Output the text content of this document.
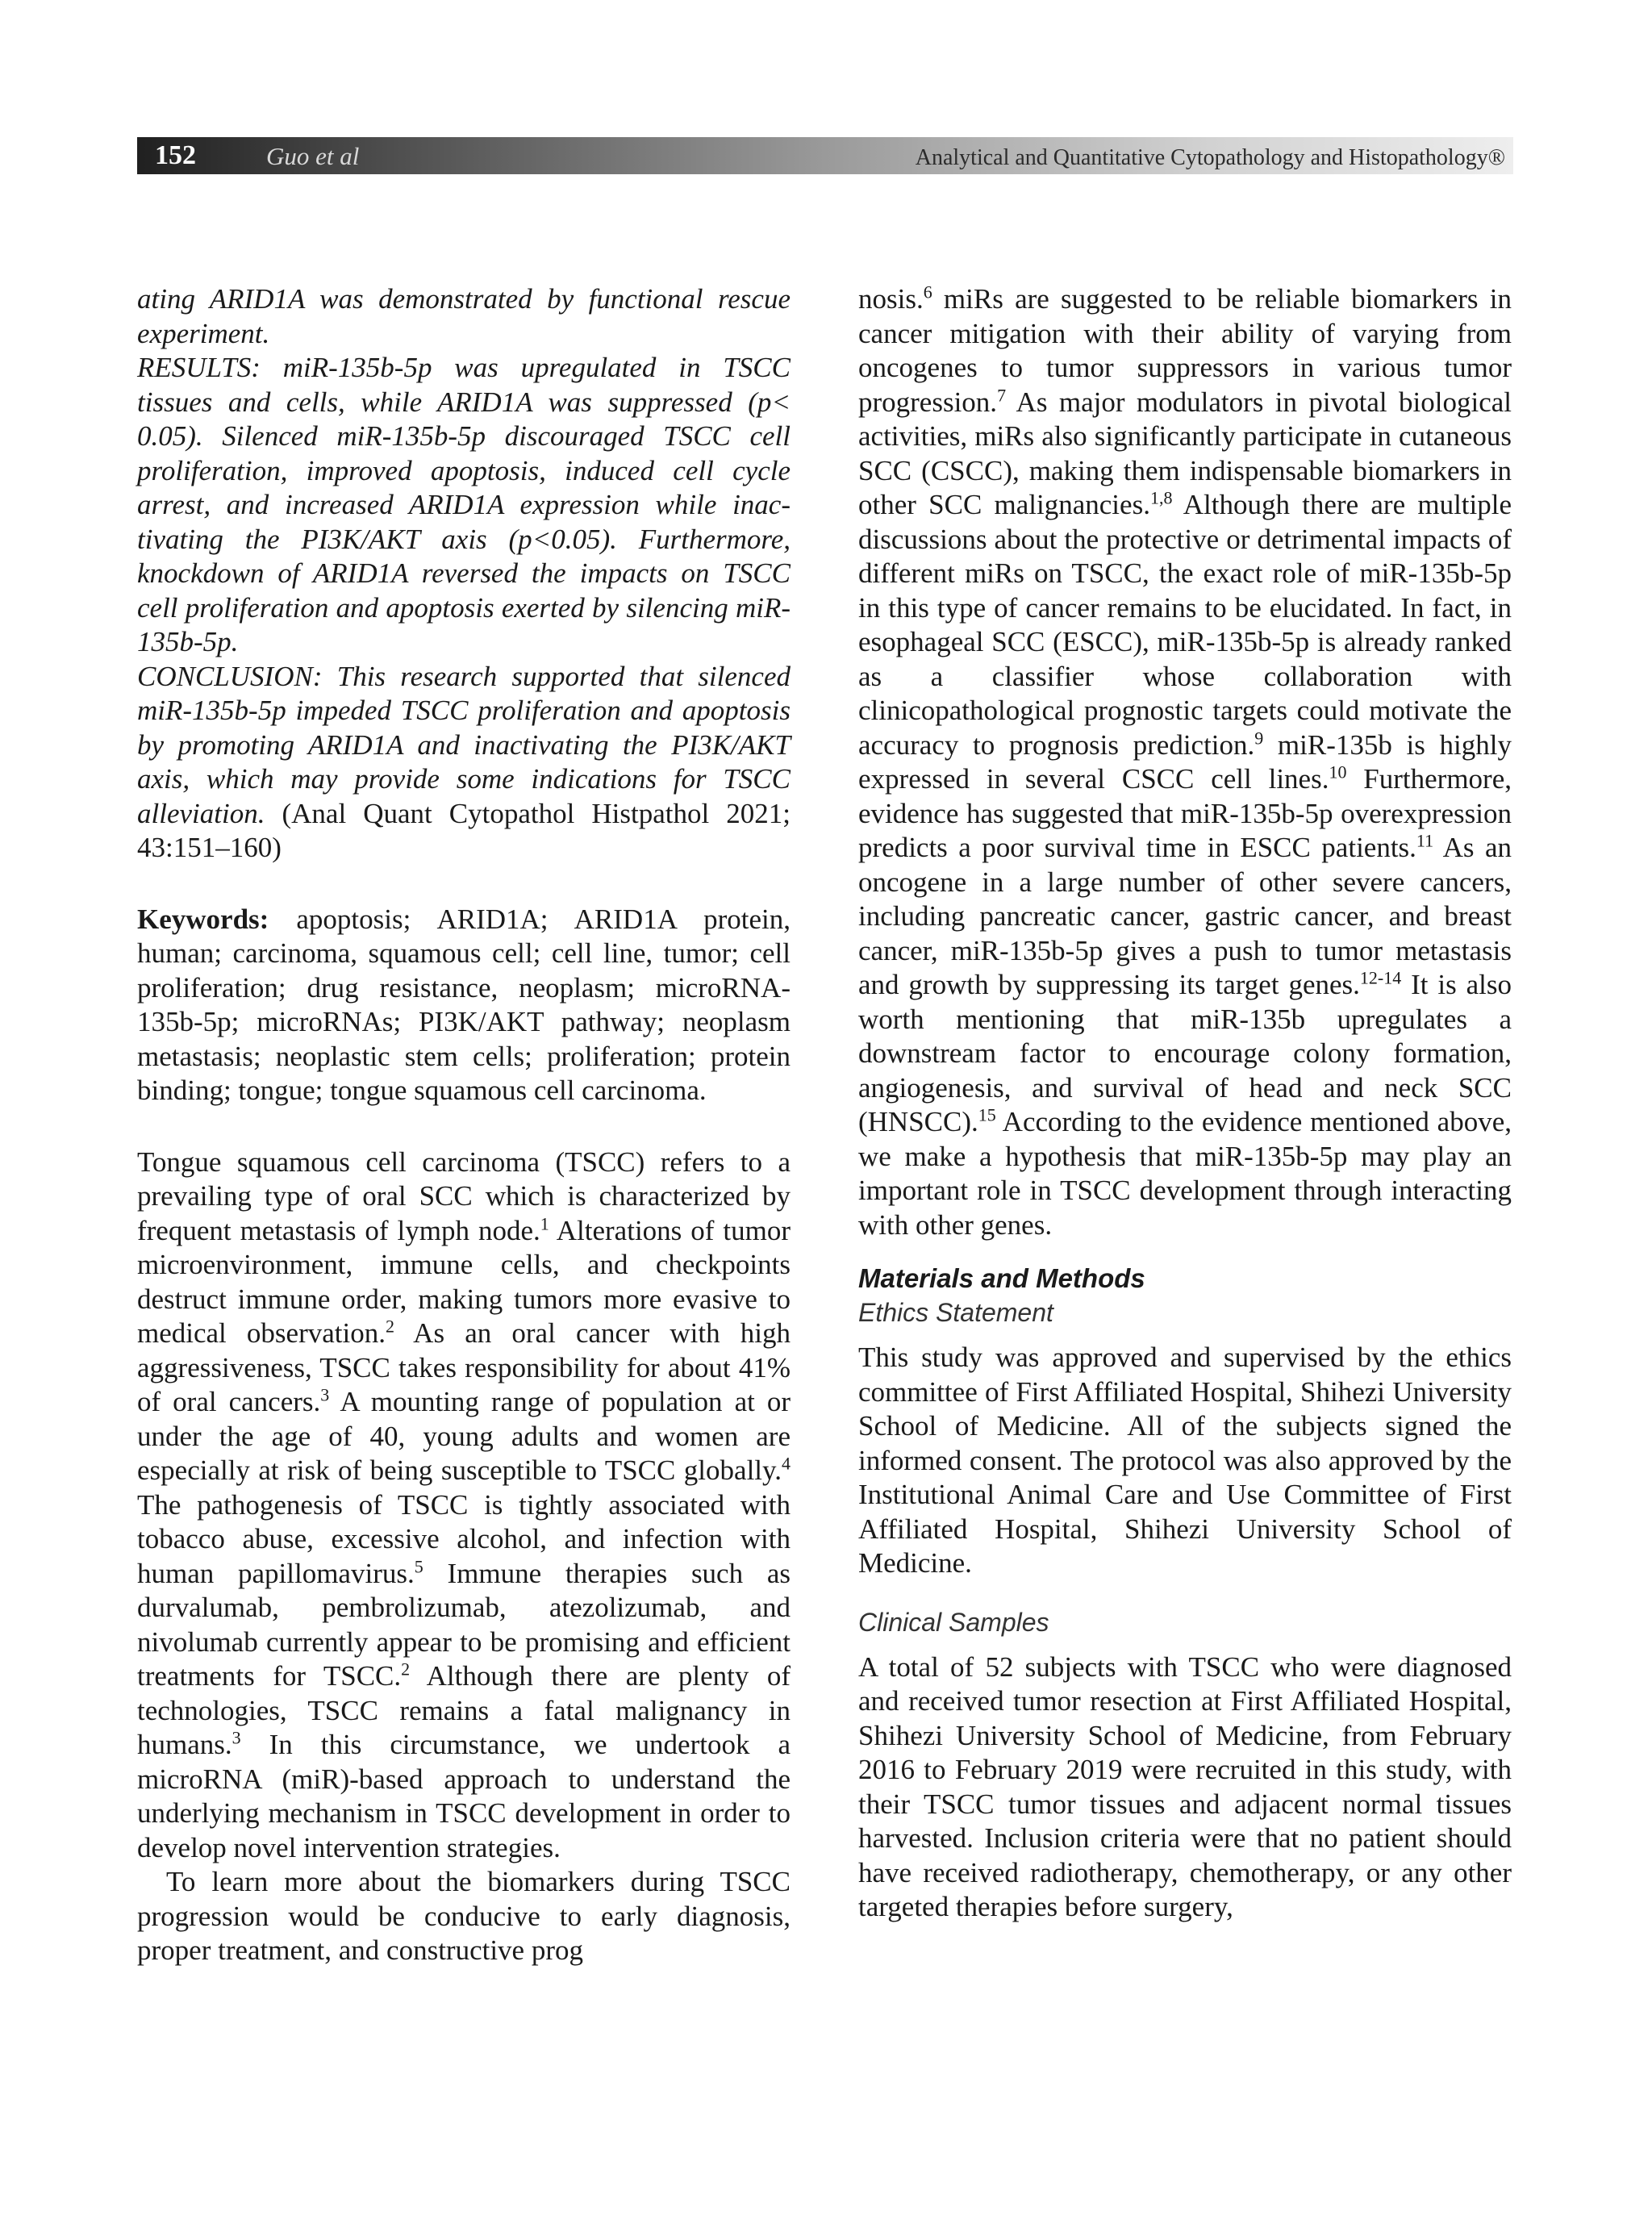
152	Guo et al	Analytical and Quantitative Cytopathology and Histopathology®

ating ARID1A was demonstrated by functional rescue experiment.

RESULTS: miR-135b-5p was upregulated in TSCC tissues and cells, while ARID1A was suppressed (p< 0.05). Silenced miR-135b-5p discouraged TSCC cell proliferation, improved apoptosis, induced cell cycle arrest, and increased ARID1A expression while inactivating the PI3K/AKT axis (p<0.05). Furthermore, knockdown of ARID1A reversed the impacts on TSCC cell proliferation and apoptosis exerted by silencing miR-135b-5p.

CONCLUSION: This research supported that silenced miR-135b-5p impeded TSCC proliferation and apoptosis by promoting ARID1A and inactivating the PI3K/AKT axis, which may provide some indications for TSCC alleviation. (Anal Quant Cytopathol Histpathol 2021; 43:151–160)

Keywords: apoptosis; ARID1A; ARID1A protein, human; carcinoma, squamous cell; cell line, tumor; cell proliferation; drug resistance, neoplasm; microRNA-135b-5p; microRNAs; PI3K/AKT pathway; neoplasm metastasis; neoplastic stem cells; proliferation; protein binding; tongue; tongue squamous cell carcinoma.

Tongue squamous cell carcinoma (TSCC) refers to a prevailing type of oral SCC which is characterized by frequent metastasis of lymph node.$^1$ Alterations of tumor microenvironment, immune cells, and checkpoints destruct immune order, making tumors more evasive to medical observation.$^2$ As an oral cancer with high aggressiveness, TSCC takes responsibility for about 41% of oral cancers.$^3$ A mounting range of population at or under the age of 40, young adults and women are especially at risk of being susceptible to TSCC globally.$^4$ The pathogenesis of TSCC is tightly associated with tobacco abuse, excessive alcohol, and infection with human papillomavirus.$^5$ Immune therapies such as durvalumab, pembrolizumab, atezolizumab, and nivolumab currently appear to be promising and efficient treatments for TSCC.$^2$ Although there are plenty of technologies, TSCC remains a fatal malignancy in humans.$^3$ In this circumstance, we undertook a microRNA (miR)-based approach to understand the underlying mechanism in TSCC development in order to develop novel intervention strategies.

To learn more about the biomarkers during TSCC progression would be conducive to early diagnosis, proper treatment, and constructive prog

nosis.$^6$ miRs are suggested to be reliable biomarkers in cancer mitigation with their ability of varying from oncogenes to tumor suppressors in various tumor progression.$^7$ As major modulators in pivotal biological activities, miRs also significantly participate in cutaneous SCC (CSCC), making them indispensable biomarkers in other SCC malignancies.$^{1,8}$ Although there are multiple discussions about the protective or detrimental impacts of different miRs on TSCC, the exact role of miR-135b-5p in this type of cancer remains to be elucidated. In fact, in esophageal SCC (ESCC), miR-135b-5p is already ranked as a classifier whose collaboration with clinicopathological prognostic targets could motivate the accuracy to prognosis prediction.$^9$ miR-135b is highly expressed in several CSCC cell lines.$^{10}$ Furthermore, evidence has suggested that miR-135b-5p overexpression predicts a poor survival time in ESCC patients.$^{11}$ As an oncogene in a large number of other severe cancers, including pancreatic cancer, gastric cancer, and breast cancer, miR-135b-5p gives a push to tumor metastasis and growth by suppressing its target genes.$^{12-14}$ It is also worth mentioning that miR-135b upregulates a downstream factor to encourage colony formation, angiogenesis, and survival of head and neck SCC (HNSCC).$^{15}$ According to the evidence mentioned above, we make a hypothesis that miR-135b-5p may play an important role in TSCC development through interacting with other genes.

Materials and Methods
Ethics Statement

This study was approved and supervised by the ethics committee of First Affiliated Hospital, Shihezi University School of Medicine. All of the subjects signed the informed consent. The protocol was also approved by the Institutional Animal Care and Use Committee of First Affiliated Hospital, Shihezi University School of Medicine.

Clinical Samples

A total of 52 subjects with TSCC who were diagnosed and received tumor resection at First Affiliated Hospital, Shihezi University School of Medicine, from February 2016 to February 2019 were recruited in this study, with their TSCC tumor tissues and adjacent normal tissues harvested. Inclusion criteria were that no patient should have received radiotherapy, chemotherapy, or any other targeted therapies before surgery,
